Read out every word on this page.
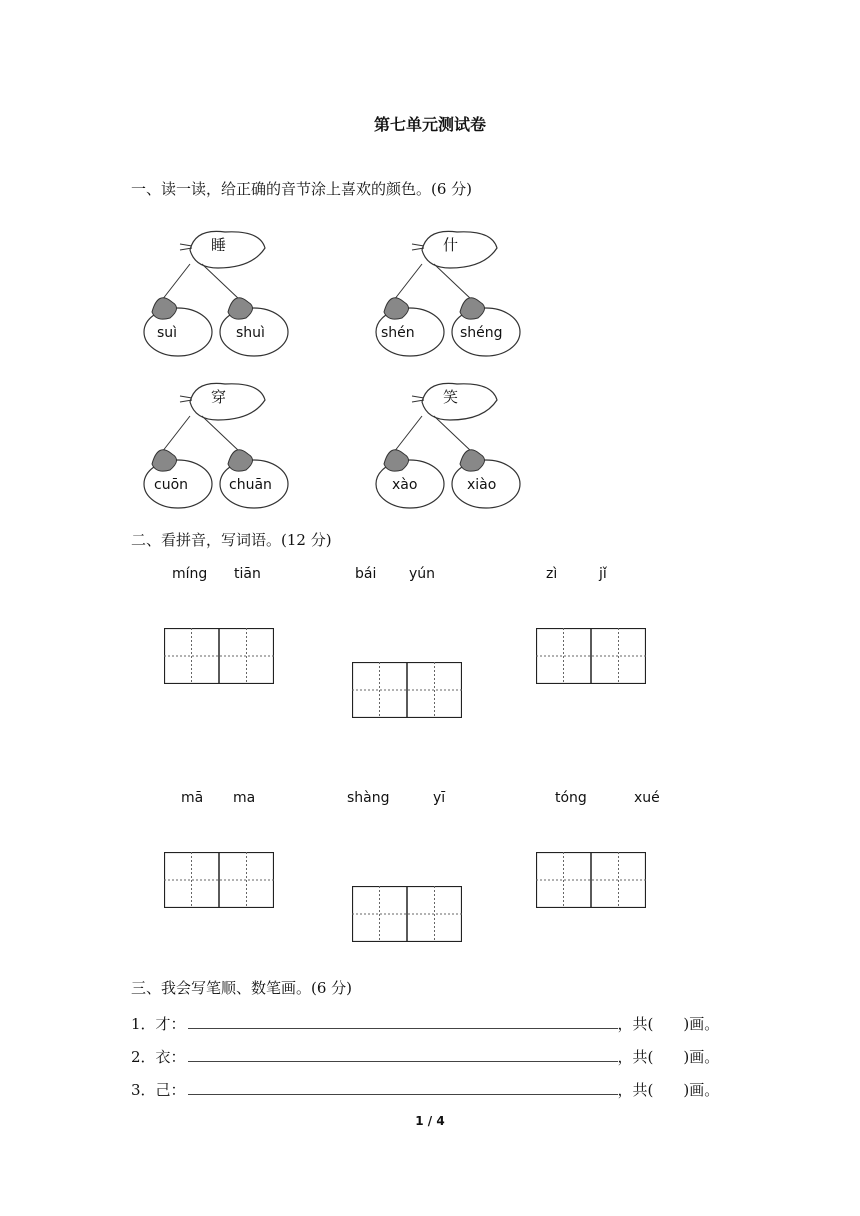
第七单元测试卷
一、读一读，给正确的音节涂上喜欢的颜色。(6 分)
睡
suì	shuì
什
shén	shéng
穿
cuōn	chuān
笑
xào	xiào
二、看拼音，写词语。(12 分)
míng tiān	bái yún	zì	jǐ
mā ma	shàng	yī	tóng	xué
三、我会写笔顺、数笔画。(6 分)
1．才：	，共(　　)画。
2．衣：	，共(　　)画。
3．己：	，共(　　)画。
1 / 4
